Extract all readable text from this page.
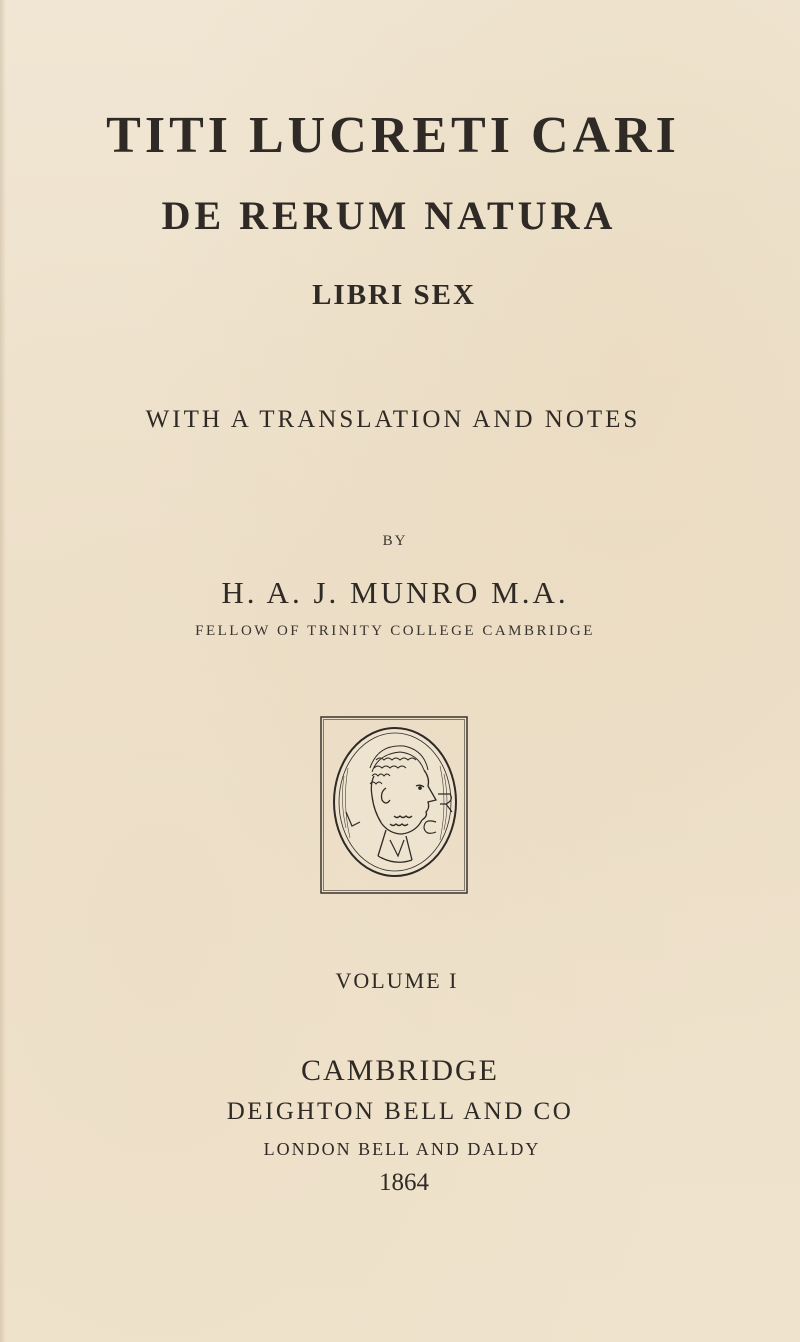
TITI LUCRETI CARI
DE RERUM NATURA
LIBRI SEX
WITH A TRANSLATION AND NOTES
BY
H. A. J. MUNRO M.A.
FELLOW OF TRINITY COLLEGE CAMBRIDGE
VOLUME I
CAMBRIDGE
DEIGHTON BELL AND CO
LONDON BELL AND DALDY
1864
